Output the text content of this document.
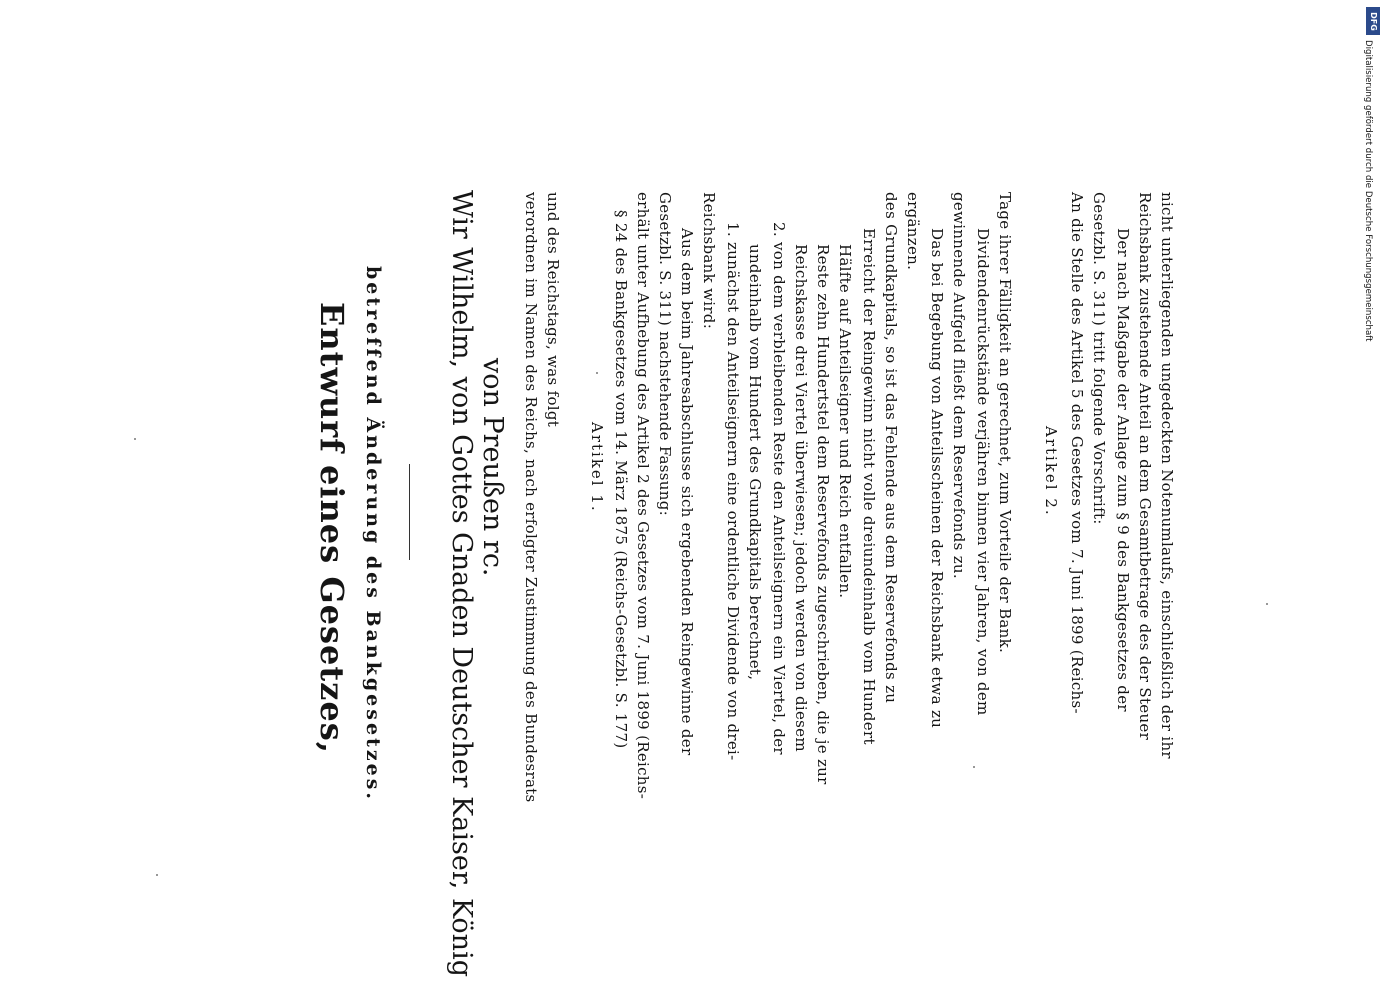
Entwurf eines Gesetzes, betreffend Änderung des Bankgesetzes. Wir Wilhelm, von Gottes Gnaden Deutscher Kaiser, König von Preußen rc. verordnen im Namen des Reichs, nach erfolgter Zustimmung des Bundesrats und des Reichstags, was folgt
Artikel 1. § 24 des Bankgesetzes vom 14. März 1875 (Reichs-Gesetzbl. S. 177) erhält unter Aufhebung des Artikel 2 des Gesetzes vom 7. Juni 1899 (Reichs- Gesetzbl. S. 311) nachstehende Fassung: Aus dem beim Jahresabschlusse sich ergebenden Reingewinne der Reichsbank wird: 1. zunächst den Anteilseignern eine ordentliche Dividende von drei- undeinhalb vom Hundert des Grundkapitals berechnet, 2. von dem verbleibenden Reste den Anteilseignern ein Viertel, der Reichskasse drei Viertel überwiesen; jedoch werden von diesem Reste zehn Hundertstel dem Reservefonds zugeschrieben, die je zur Hälfte auf Anteilseigner und Reich entfallen. Erreicht der Reingewinn nicht volle dreiundeinhalb vom Hundert des Grundkapitals, so ist das Fehlende aus dem Reservefonds zu ergänzen. Das bei Begebung von Anteilsscheinen der Reichsbank etwa zu gewinnende Aufgeld fließt dem Reservefonds zu. Dividendenrückstände verjähren binnen vier Jahren, von dem Tage ihrer Fälligkeit an gerechnet, zum Vorteile der Bank. Artikel 2. An die Stelle des Artikel 5 des Gesetzes vom 7. Juni 1899 (Reichs- Gesetzbl. S. 311) tritt folgende Vorschrift: Der nach Maßgabe der Anlage zum § 9 des Bankgesetzes der Reichsbank zustehende Anteil an dem Gesamtbetrage des der Steuer nicht unterliegenden ungedeckten Notenumlaufs, einschließlich der ihr
DFG
Digitalisierung gefördert durch die Deutsche Forschungsgemeinschaft
